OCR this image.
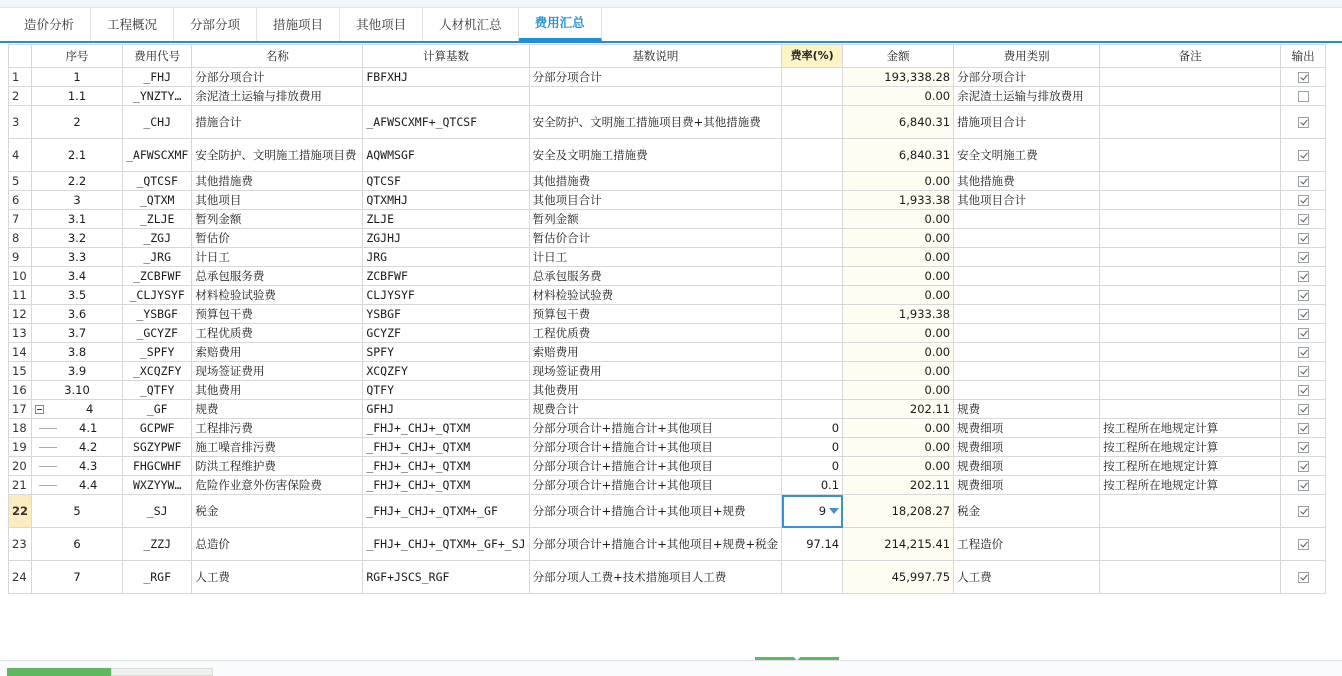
造价分析	工程概况	分部分项	措施项目	其他项目	人材机汇总	费用汇总
	序号	费用代号	名称	计算基数	基数说明	费率(%)	金额	费用类别	备注	输出
1	1	_FHJ	分部分项合计	FBFXHJ	分部分项合计		193,338.28	分部分项合计		
2	1.1	_YNZTY…	余泥渣土运输与排放费用				0.00	余泥渣土运输与排放费用		
3	2	_CHJ	措施合计	_AFWSCXMF+_QTCSF	安全防护、文明施工措施项目费+其他措施费		6,840.31	措施项目合计		
4	2.1	_AFWSCXMF	安全防护、文明施工措施项目费	AQWMSGF	安全及文明施工措施费		6,840.31	安全文明施工费		
5	2.2	_QTCSF	其他措施费	QTCSF	其他措施费		0.00	其他措施费		
6	3	_QTXM	其他项目	QTXMHJ	其他项目合计		1,933.38	其他项目合计		
7	3.1	_ZLJE	暂列金额	ZLJE	暂列金额		0.00			
8	3.2	_ZGJ	暂估价	ZGJHJ	暂估价合计		0.00			
9	3.3	_JRG	计日工	JRG	计日工		0.00			
10	3.4	_ZCBFWF	总承包服务费	ZCBFWF	总承包服务费		0.00			
11	3.5	_CLJYSYF	材料检验试验费	CLJYSYF	材料检验试验费		0.00			
12	3.6	_YSBGF	预算包干费	YSBGF	预算包干费		1,933.38			
13	3.7	_GCYZF	工程优质费	GCYZF	工程优质费		0.00			
14	3.8	_SPFY	索赔费用	SPFY	索赔费用		0.00			
15	3.9	_XCQZFY	现场签证费用	XCQZFY	现场签证费用		0.00			
16	3.10	_QTFY	其他费用	QTFY	其他费用		0.00			
17	4	_GF	规费	GFHJ	规费合计		202.11	规费		
18	4.1	GCPWF	工程排污费	_FHJ+_CHJ+_QTXM	分部分项合计+措施合计+其他项目	0	0.00	规费细项	按工程所在地规定计算	
19	4.2	SGZYPWF	施工噪音排污费	_FHJ+_CHJ+_QTXM	分部分项合计+措施合计+其他项目	0	0.00	规费细项	按工程所在地规定计算	
20	4.3	FHGCWHF	防洪工程维护费	_FHJ+_CHJ+_QTXM	分部分项合计+措施合计+其他项目	0	0.00	规费细项	按工程所在地规定计算	
21	4.4	WXZYYW…	危险作业意外伤害保险费	_FHJ+_CHJ+_QTXM	分部分项合计+措施合计+其他项目	0.1	202.11	规费细项	按工程所在地规定计算	
22	5	_SJ	税金	_FHJ+_CHJ+_QTXM+_GF	分部分项合计+措施合计+其他项目+规费	9	18,208.27	税金		
23	6	_ZZJ	总造价	_FHJ+_CHJ+_QTXM+_GF+_SJ	分部分项合计+措施合计+其他项目+规费+税金	97.14	214,215.41	工程造价		
24	7	_RGF	人工费	RGF+JSCS_RGF	分部分项人工费+技术措施项目人工费		45,997.75	人工费		
